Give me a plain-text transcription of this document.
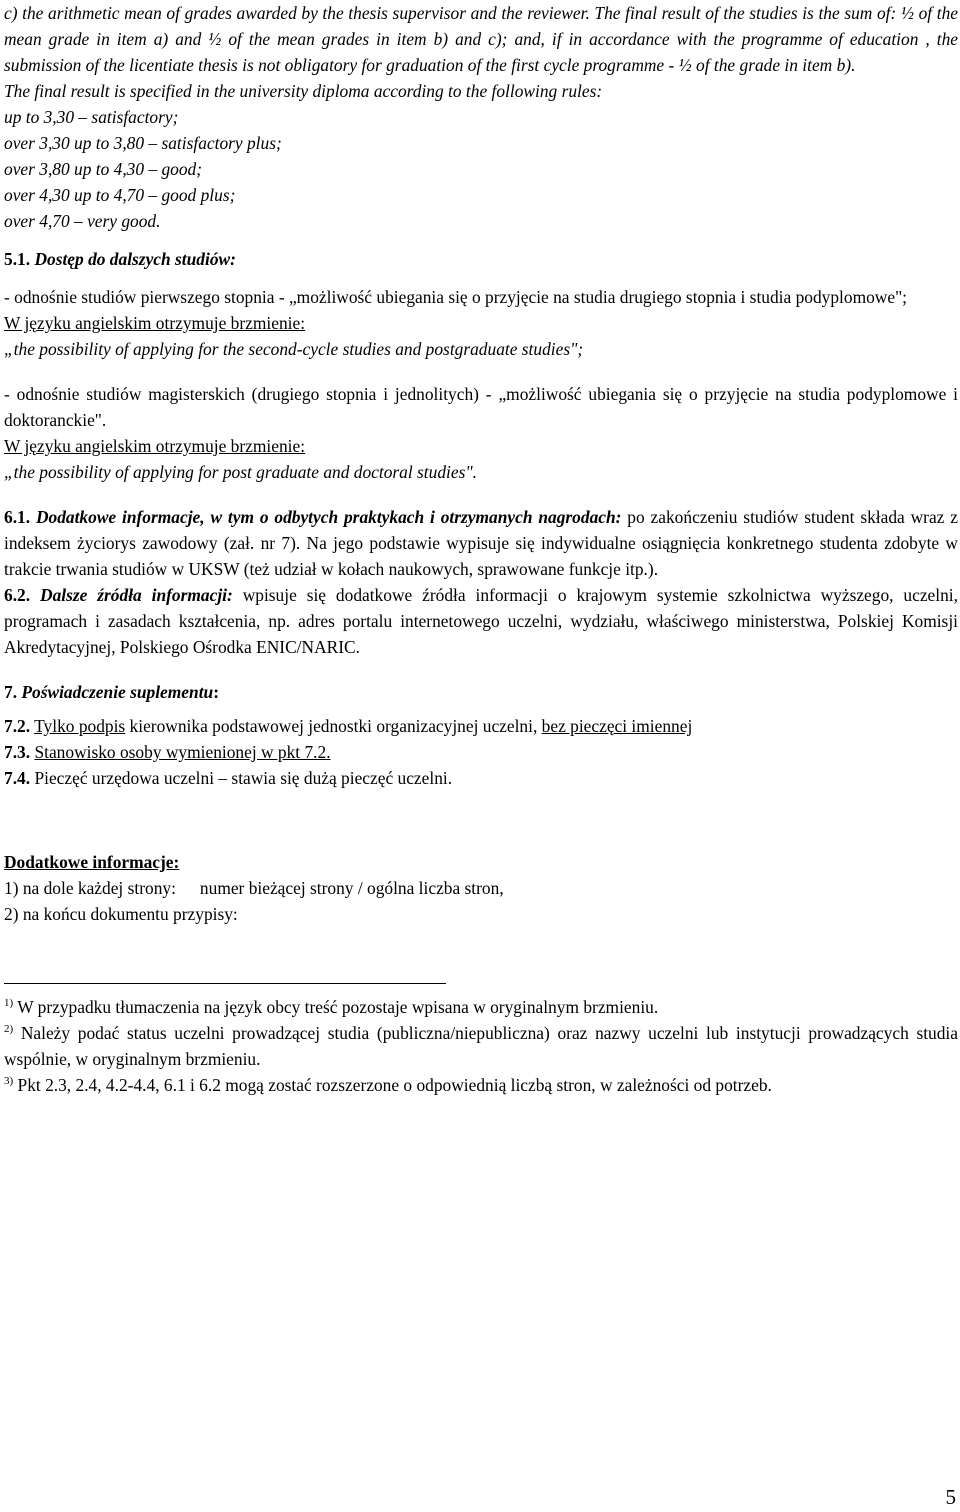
c) the arithmetic mean of grades awarded by the thesis supervisor and the reviewer. The final result of the studies is the sum of: ½ of the mean grade in item a) and ½ of the mean grades in item b) and c); and, if in accordance with the programme of education , the submission of the licentiate thesis is not obligatory for graduation of the first cycle programme - ½ of the grade in item b).

The final result is specified in the university diploma according to the following rules:

up to 3,30 – satisfactory;

over 3,30 up to 3,80 – satisfactory plus;

over 3,80 up to 4,30 – good;

over 4,30 up to 4,70 – good plus;

over 4,70 – very good.

5.1. Dostęp do dalszych studiów:

- odnośnie studiów pierwszego stopnia - „możliwość ubiegania się o przyjęcie na studia drugiego stopnia i studia podyplomowe";

W języku angielskim otrzymuje brzmienie:

„the possibility of applying for the second-cycle studies and postgraduate studies";

- odnośnie studiów magisterskich (drugiego stopnia i jednolitych) - „możliwość ubiegania się o przyjęcie na studia podyplomowe i doktoranckie".

W języku angielskim otrzymuje brzmienie:

„the possibility of applying for post graduate and doctoral studies".

6.1. Dodatkowe informacje, w tym o odbytych praktykach i otrzymanych nagrodach: po zakończeniu studiów student składa wraz z indeksem życiorys zawodowy (zał. nr 7). Na jego podstawie wypisuje się indywidualne osiągnięcia konkretnego studenta zdobyte w trakcie trwania studiów w UKSW (też udział w kołach naukowych, sprawowane funkcje itp.).

6.2. Dalsze źródła informacji: wpisuje się dodatkowe źródła informacji o krajowym systemie szkolnictwa wyższego, uczelni, programach i zasadach kształcenia, np. adres portalu internetowego uczelni, wydziału, właściwego ministerstwa, Polskiej Komisji Akredytacyjnej, Polskiego Ośrodka ENIC/NARIC.

7. Poświadczenie suplementu:

7.2. Tylko podpis kierownika podstawowej jednostki organizacyjnej uczelni, bez pieczęci imiennej

7.3. Stanowisko osoby wymienionej w pkt 7.2.

7.4. Pieczęć urzędowa uczelni – stawia się dużą pieczęć uczelni.

Dodatkowe informacje:

1) na dole każdej strony: numer bieżącej strony / ogólna liczba stron,

2) na końcu dokumentu przypisy:

$^{1)}$ W przypadku tłumaczenia na język obcy treść pozostaje wpisana w oryginalnym brzmieniu.

$^{2)}$ Należy podać status uczelni prowadzącej studia (publiczna/niepubliczna) oraz nazwy uczelni lub instytucji prowadzących studia wspólnie, w oryginalnym brzmieniu.

$^{3)}$ Pkt 2.3, 2.4, 4.2-4.4, 6.1 i 6.2 mogą zostać rozszerzone o odpowiednią liczbą stron, w zależności od potrzeb.

5
